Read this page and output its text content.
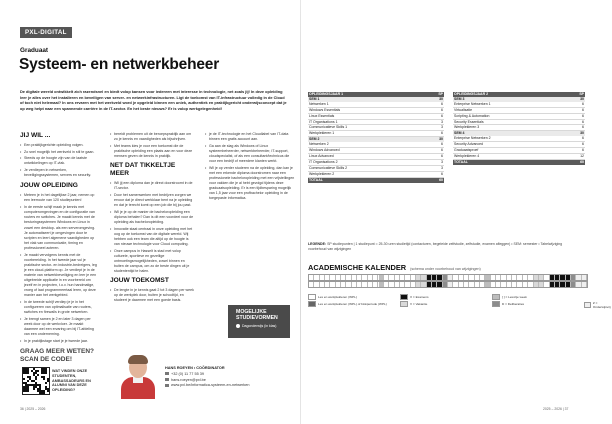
PXL-DIGITAL
Graduaat
Systeem- en netwerkbeheer
De digitale wereld ontwikkelt zich razendsnel en biedt volop kansen voor iedereen met interesse in technologie, net zoals jij! In deze opleiding leer je alles over het installeren en beveiligen van server- en netwerkinfrastructuren. Ligt de toekomst van IT-infrastructuur volledig in de Cloud of toch niet helemaal? In ons ervaren met het werkveld word je opgeleid binnen een uniek, authentiek en praktijkgericht onderwijsconcept dat je op weg helpt naar een spannende carrière in de IT-sector. En het beste nieuws? Er is volop werkgelegenheid!
JIJ WIL ...
• Een praktijkgerichte opleiding volgen.
• Zo snel mogelijk het werkveld in stil te gaan.
• Steeds op de hoogte zijn van de laatste ontwikkelingen op IT-vlak.
• Je verdiepen in netwerken, beveiligingssystemen, servers en security.
JOUW OPLEIDING
• Meteen je in het dagelijkse 2 jaar, nemen op een leerroute van 120 studiepunten!
• In de eerste schijf maak je kennis met computeromgevingen en de configuratie van routers en switches. Je maakt kennis met de besturingssystemen Windows en Linux in zowel een desktop- als een serveromgeving. Je automatiseert je omgevingen door te scripten en leert algemene vaardigheden op het vlak van communicatie, timing en professioneel acteren.
• Je maakt vervolgens kennis met de voorbereiding. In het tweede jaar vul je praktische sector- en industrie-bedreigers, leg je een cloud-platform op. Je verdiept je in de materie van netwerkbeveiliging en leer je een uitgebreide applicatie in en voorbereid om jezelf en in projecten, t.o.v. hun handmatige, vroeg of laat programmeertaal leren, op deze manier aan het werkgebied.
• In de tweede schijf verdiep je je in het configureren van optimalisatie van routers, switches en firewalls in grote netwerken.
• Je brengt samen je 2 en later 3 dagen per week door op de werkvloer. Je maakt daarmee wel een ervaring om bij IT-afdeling van een onderneming.
• In je praktijkstage start je je tweede jaar.
• bereidt problemen uit de beroepspraktijk aan om zo je kennis en vaardigheden als bijschrijven.
• Met teams kies je voor een toekomst die de praktische opleiding een plaats aan en voor deze mensen geven de kennis in praktijk.
NET DAT TIKKELTJE MEER
• Wil jij een diploma dan je direct doorstroomt in de IT-sector.
• Door het samenwerken met bedrijven zorgen we ervoor dat je direct werkklaar bent na je opleiding en dat je terecht komt op een job die bij jou past.
• Wil je je op de manier de bacheloropleiding een diploma behalen? Dan is dit een voordeel voor de opleiding als bacheloropleiding.
• Innovatie staat centraal in onze opleiding met het oog op de toekomst van de digitale wereld. Wij hebben ook een team die altijd op de hoogte is van nieuwe technologie voor Cloud computing.
• Onze campus in Hasselt is stad met volop culturele, sportieve en gezellige ontmoetingsmogelijkheden, zowel binnen en buiten de campus, om zo de beste dingen uit je studententijd te halen.
JOUW TOEKOMST
• De lengte in je kennis gaat 2 tot 3 dagen per week op de werkplek door, buiten je schooltijd, en studeert je daarmee met een goede basis.
• je de IT-technologie en het Cloudlabel van IT-data binnen een gratis account aan.
• Ga aan de slag als Windows of Linux systeembeheerder, netwerkbeheerder, IT-support, cloudspecialist, of als een consultant/technicus die voor een bedrijf of meerdere klanten werkt.
• Wil je op verder studeren na de opleiding, dan kan je met een erkende diploma doorstromen naar een professionele bacheloropleiding met een vrijstellingen voor vakken die je al hebt gevolgd tijdens deze graduaatsopleiding. Er is een tijdbesparing mogelijk van 1,5 jaar voor een profbachelor opleiding in de toegepaste informatica.
MOGELIJKE
STUDIEVORMEN
Dagonderwijs (in klas)
GRAAG MEER WETEN?
SCAN DE CODE!
WAT VINDEN ONZE STUDENTEN, AMBASSADEURS EN ALUMNI VAN DEZE OPLEIDING?
HANS ROEYEN • COÖRDINATOR
+32 (0) 11 77 55 39
hans.roeyen@pxl.be
www.pxl.be/informatica-systeem-en-netwerken
36 | 2025 – 2026
OPLEIDINGSJAAR 1	SP
SEM 1	30
Netwerken 1	6
Windows Essentials	6
Linux Essentials	6
IT Organisations 1	3
Communicatieve Skills 1	3
Werkplekleren 1	6
SEM 2	30
Netwerken 2	6
Windows Advanced	6
Linux Advanced	6
IT Organisations 2	3
Communicatieve Skills 2	3
Werkplekleren 2	6
TOTAAL	60
OPLEIDINGSJAAR 2	SP
SEM 3	30
Enterprise Netwerken 1	6
Virtualisatie	6
Scripting & Automation	6
Security Essentials	6
Werkplekleren 3	6
SEM 4	30
Enterprise Netwerken 2	6
Security Advanced	6
Graduaatsproef	6
Werkplekleren 4	12
TOTAAL	60
LEGENDE: SP studiepunten | 1 studiepunt = 25-30 uren studietijd (contacturen, begeleide zelfstudie, zelfstudie, examen afleggen) • SEM: semester • Tabelwijziging voorbehoud van wijzigingen
ACADEMISCHE KALENDER (schema onder voorbehoud van wijzigingen)
Les en werkplekleren (WPL)	X = Examens	[ ] = Lesvrije week
Les en werkplekleren (WPL) of blokperiode (WPL)	V = Vakantie	D = Deliberaties	Z = Onderwijsvrij
2025 – 2026 | 37
